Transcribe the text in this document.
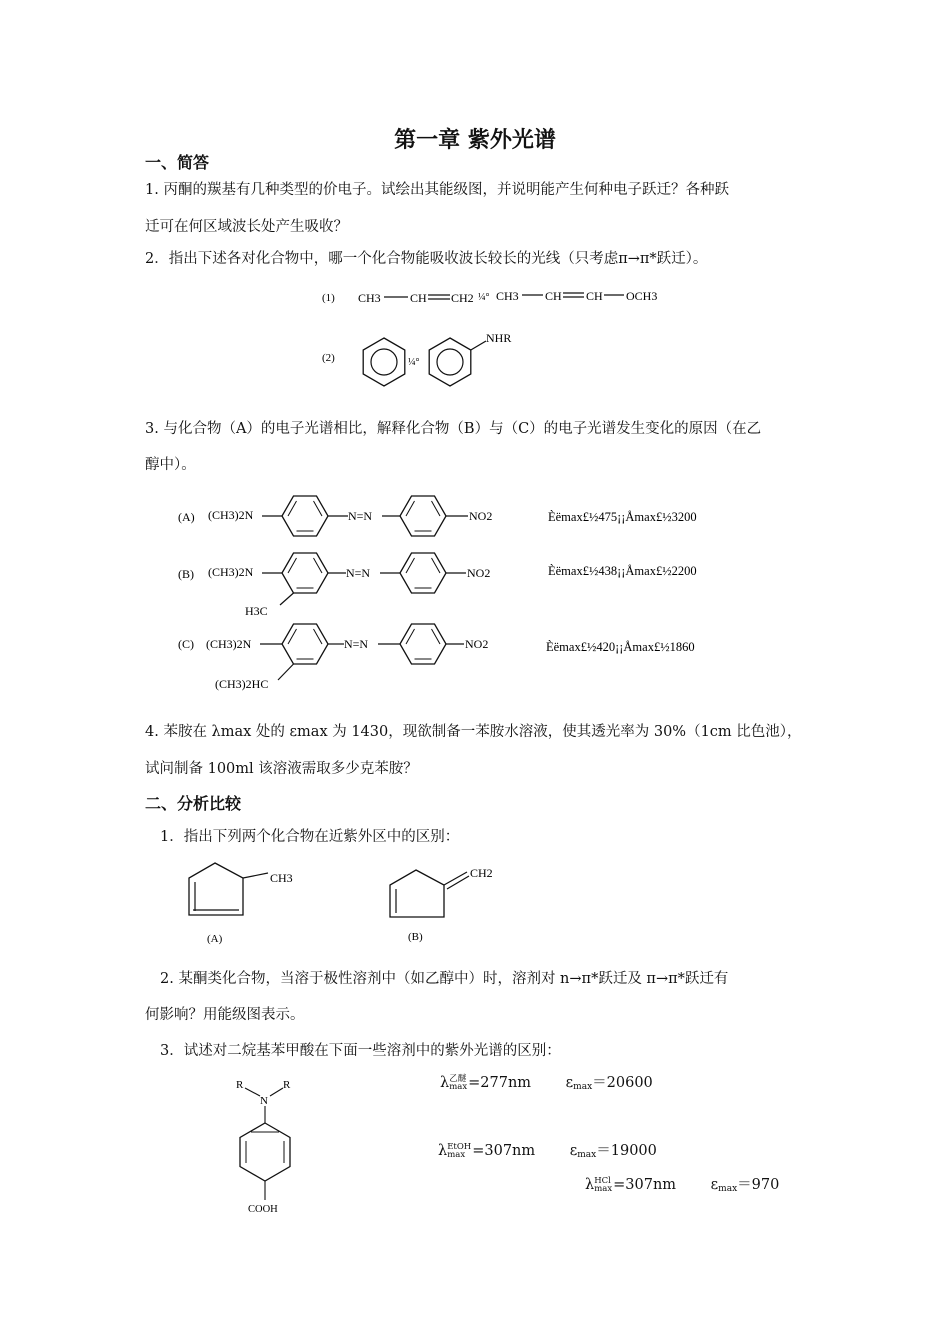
第一章 紫外光谱
一、简答
1. 丙酮的羰基有几种类型的价电子。试绘出其能级图，并说明能产生何种电子跃迁？各种跃
迁可在何区域波长处产生吸收？
2．指出下述各对化合物中，哪一个化合物能吸收波长较长的光线（只考虑π→π*跃迁）。
(1) CH3 CH CH2 ¼° CH3 CH CH OCH3
(2)	¼°
NHR
3. 与化合物（A）的电子光谱相比，解释化合物（B）与（C）的电子光谱发生变化的原因（在乙
醇中）。
(A) (CH3)2N	N=N	NO2	Èëmax£½475¡¡Åmax£½3200
(B) (CH3)2N
H3C
N=N	NO2	Èëmax£½438¡¡Åmax£½2200
(C) (CH3)2N
(CH3)2HC
N=N	NO2	Èëmax£½420¡¡Åmax£½1860
4. 苯胺在 λmax 处的 εmax 为 1430，现欲制备一苯胺水溶液，使其透光率为 30%（1cm 比色池），
试问制备 100ml 该溶液需取多少克苯胺？
二、分析比较
1．指出下列两个化合物在近紫外区中的区别：
CH3
(A)
CH2
(B)
2. 某酮类化合物，当溶于极性溶剂中（如乙醇中）时，溶剂对 n→π*跃迁及 π→π*跃迁有
何影响？用能级图表示。
3．试述对二烷基苯甲酸在下面一些溶剂中的紫外光谱的区别：
R	R
N
COOH
λ 乙醚
max =277nm $\varepsilon_{max}=20600$
λ EtOH
max =307nm $\varepsilon_{max}=19000$
λ HCl
max =307nm $\varepsilon_{max}=970$
